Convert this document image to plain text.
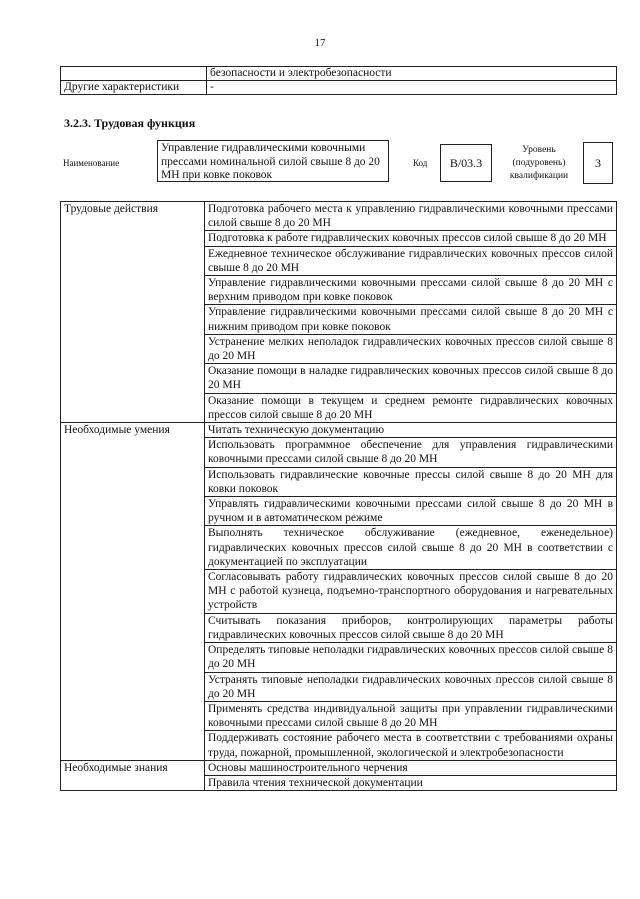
17
	безопасности и электробезопасности
Другие характеристики	-
3.2.3. Трудовая функция
Наименование
Управление гидравлическими ковочными прессами номинальной силой свыше 8 до 20 МН при ковке поковок
Код	B/03.3
Уровень (подуровень) квалификации
3
Трудовые действия	Подготовка рабочего места к управлению гидравлическими ковочными прессами силой свыше 8 до 20 МН
	Подготовка к работе гидравлических ковочных прессов силой свыше 8 до 20 МН
	Ежедневное техническое обслуживание гидравлических ковочных прессов силой свыше 8 до 20 МН
	Управление гидравлическими ковочными прессами силой свыше 8 до 20 МН с верхним приводом при ковке поковок
	Управление гидравлическими ковочными прессами силой свыше 8 до 20 МН с нижним приводом при ковке поковок
	Устранение мелких неполадок гидравлических ковочных прессов силой свыше 8 до 20 МН
	Оказание помощи в наладке гидравлических ковочных прессов силой свыше 8 до 20 МН
	Оказание помощи в текущем и среднем ремонте гидравлических ковочных прессов силой свыше 8 до 20 МН
Необходимые умения	Читать техническую документацию
	Использовать программное обеспечение для управления гидравлическими ковочными прессами силой свыше 8 до 20 МН
	Использовать гидравлические ковочные прессы силой свыше 8 до 20 МН для ковки поковок
	Управлять гидравлическими ковочными прессами силой свыше 8 до 20 МН в ручном и в автоматическом режиме
	Выполнять техническое обслуживание (ежедневное, еженедельное) гидравлических ковочных прессов силой свыше 8 до 20 МН в соответствии с документацией по эксплуатации
	Согласовывать работу гидравлических ковочных прессов силой свыше 8 до 20 МН с работой кузнеца, подъемно-транспортного оборудования и нагревательных устройств
	Считывать показания приборов, контролирующих параметры работы гидравлических ковочных прессов силой свыше 8 до 20 МН
	Определять типовые неполадки гидравлических ковочных прессов силой свыше 8 до 20 МН
	Устранять типовые неполадки гидравлических ковочных прессов силой свыше 8 до 20 МН
	Применять средства индивидуальной защиты при управлении гидравлическими ковочными прессами силой свыше 8 до 20 МН
	Поддерживать состояние рабочего места в соответствии с требованиями охраны труда, пожарной, промышленной, экологической и электробезопасности
Необходимые знания	Основы машиностроительного черчения
	Правила чтения технической документации
